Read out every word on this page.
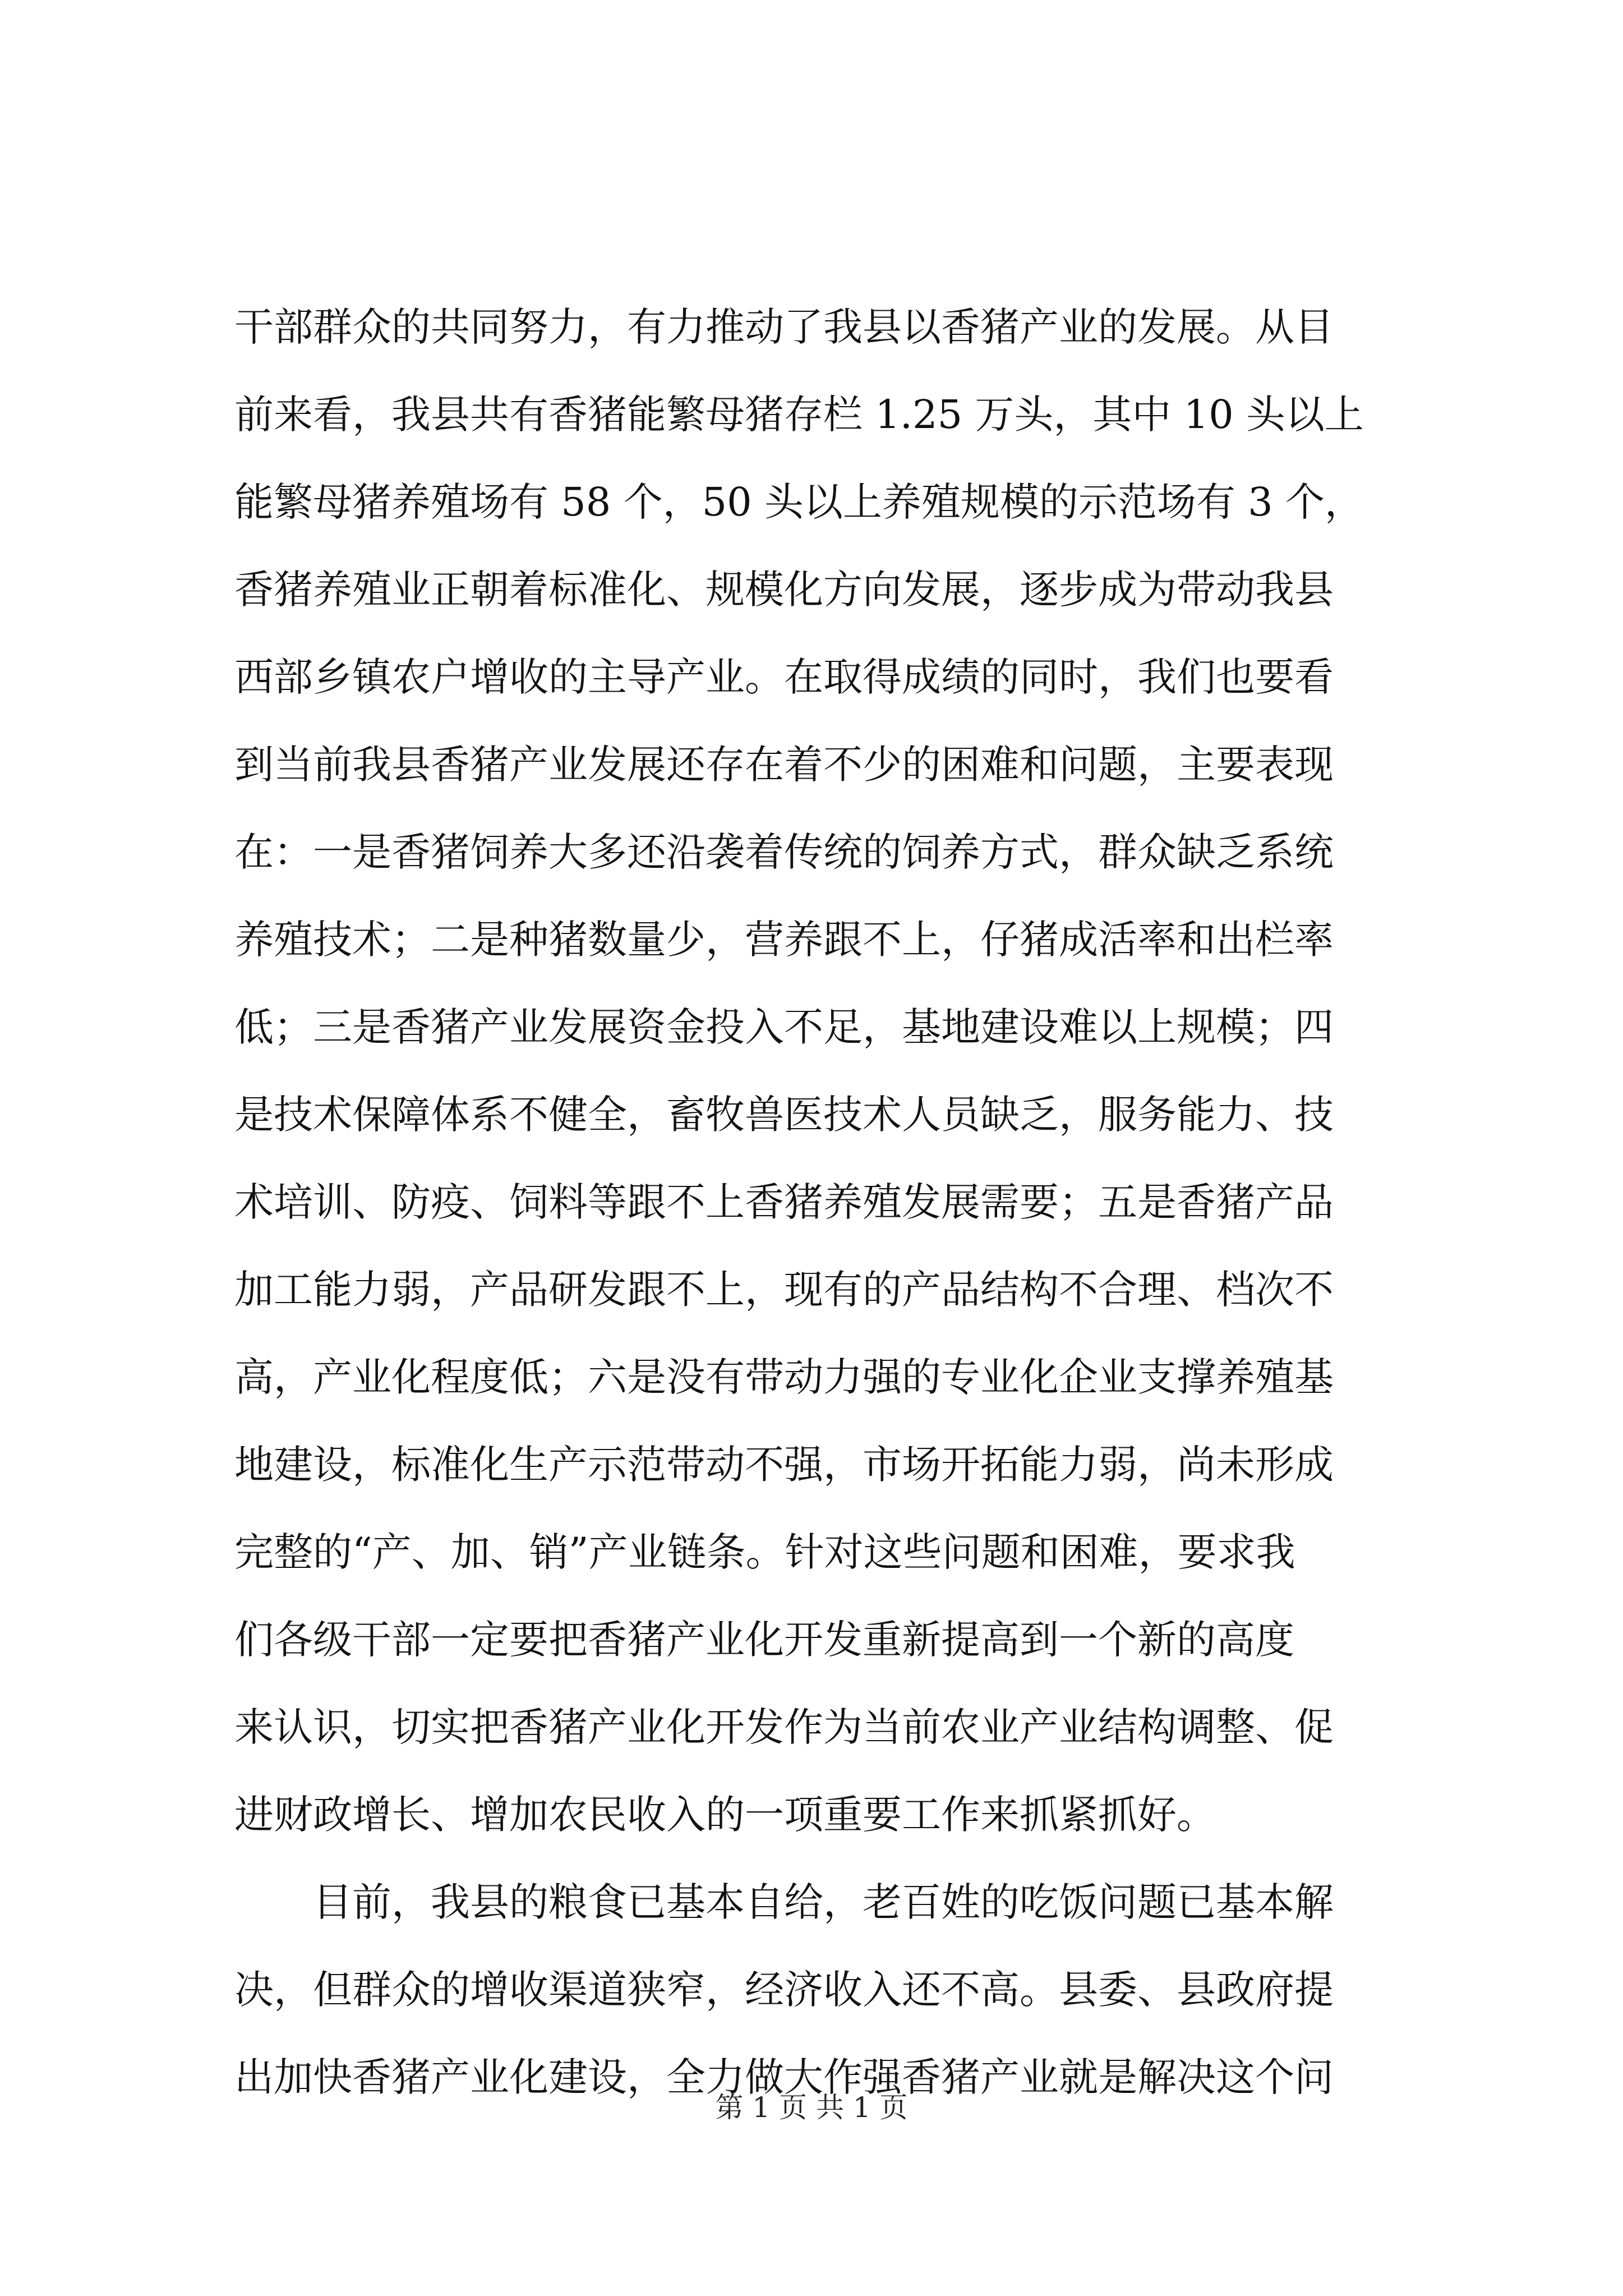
干部群众的共同努力，有力推动了我县以香猪产业的发展。从目
前来看，我县共有香猪能繁母猪存栏 1.25 万头，其中 10 头以上
能繁母猪养殖场有 58 个，50 头以上养殖规模的示范场有 3 个，
香猪养殖业正朝着标准化、规模化方向发展，逐步成为带动我县
西部乡镇农户增收的主导产业。在取得成绩的同时，我们也要看
到当前我县香猪产业发展还存在着不少的困难和问题，主要表现
在：一是香猪饲养大多还沿袭着传统的饲养方式，群众缺乏系统
养殖技术；二是种猪数量少，营养跟不上，仔猪成活率和出栏率
低；三是香猪产业发展资金投入不足，基地建设难以上规模；四
是技术保障体系不健全，畜牧兽医技术人员缺乏，服务能力、技
术培训、防疫、饲料等跟不上香猪养殖发展需要；五是香猪产品
加工能力弱，产品研发跟不上，现有的产品结构不合理、档次不
高，产业化程度低；六是没有带动力强的专业化企业支撑养殖基
地建设，标准化生产示范带动不强，市场开拓能力弱，尚未形成
完整的“产、加、销”产业链条。针对这些问题和困难，要求我
们各级干部一定要把香猪产业化开发重新提高到一个新的高度
来认识，切实把香猪产业化开发作为当前农业产业结构调整、促
进财政增长、增加农民收入的一项重要工作来抓紧抓好。
　　目前，我县的粮食已基本自给，老百姓的吃饭问题已基本解
决，但群众的增收渠道狭窄，经济收入还不高。县委、县政府提
出加快香猪产业化建设，全力做大作强香猪产业就是解决这个问
第 1 页 共 1 页
